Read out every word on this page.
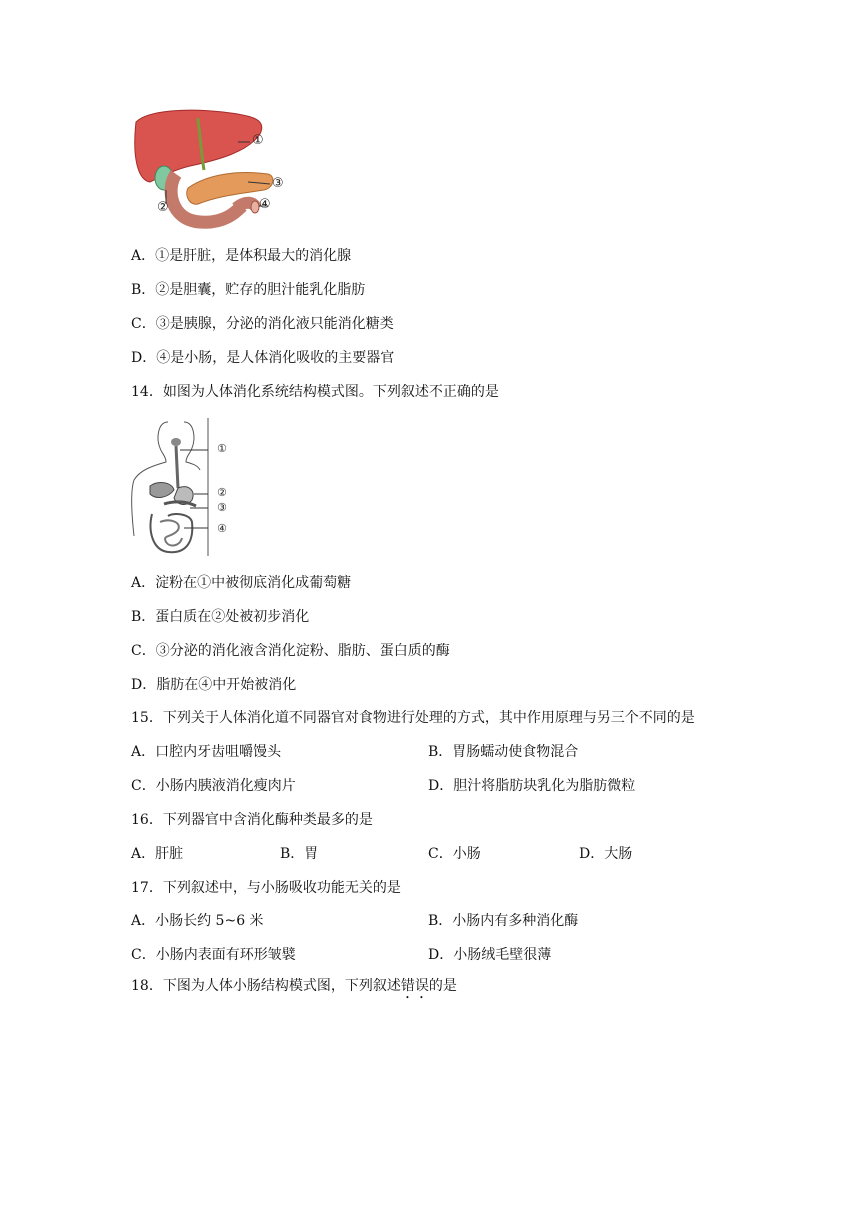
①
②
③
④
A．①是肝脏，是体积最大的消化腺
B．②是胆囊，贮存的胆汁能乳化脂肪
C．③是胰腺，分泌的消化液只能消化糖类
D．④是小肠，是人体消化吸收的主要器官
14．如图为人体消化系统结构模式图。下列叙述不正确的是
①
②
③
④
A．淀粉在①中被彻底消化成葡萄糖
B．蛋白质在②处被初步消化
C．③分泌的消化液含消化淀粉、脂肪、蛋白质的酶
D．脂肪在④中开始被消化
15．下列关于人体消化道不同器官对食物进行处理的方式，其中作用原理与另三个不同的是
A．口腔内牙齿咀嚼馒头	B．胃肠蠕动使食物混合
C．小肠内胰液消化瘦肉片	D．胆汁将脂肪块乳化为脂肪微粒
16．下列器官中含消化酶种类最多的是
A．肝脏	B．胃	C．小肠	D．大肠
17．下列叙述中，与小肠吸收功能无关的是
A．小肠长约 5~6 米	B．小肠内有多种消化酶
C．小肠内表面有环形皱襞	D．小肠绒毛壁很薄
18．下图为人体小肠结构模式图，下列叙述错误的是
